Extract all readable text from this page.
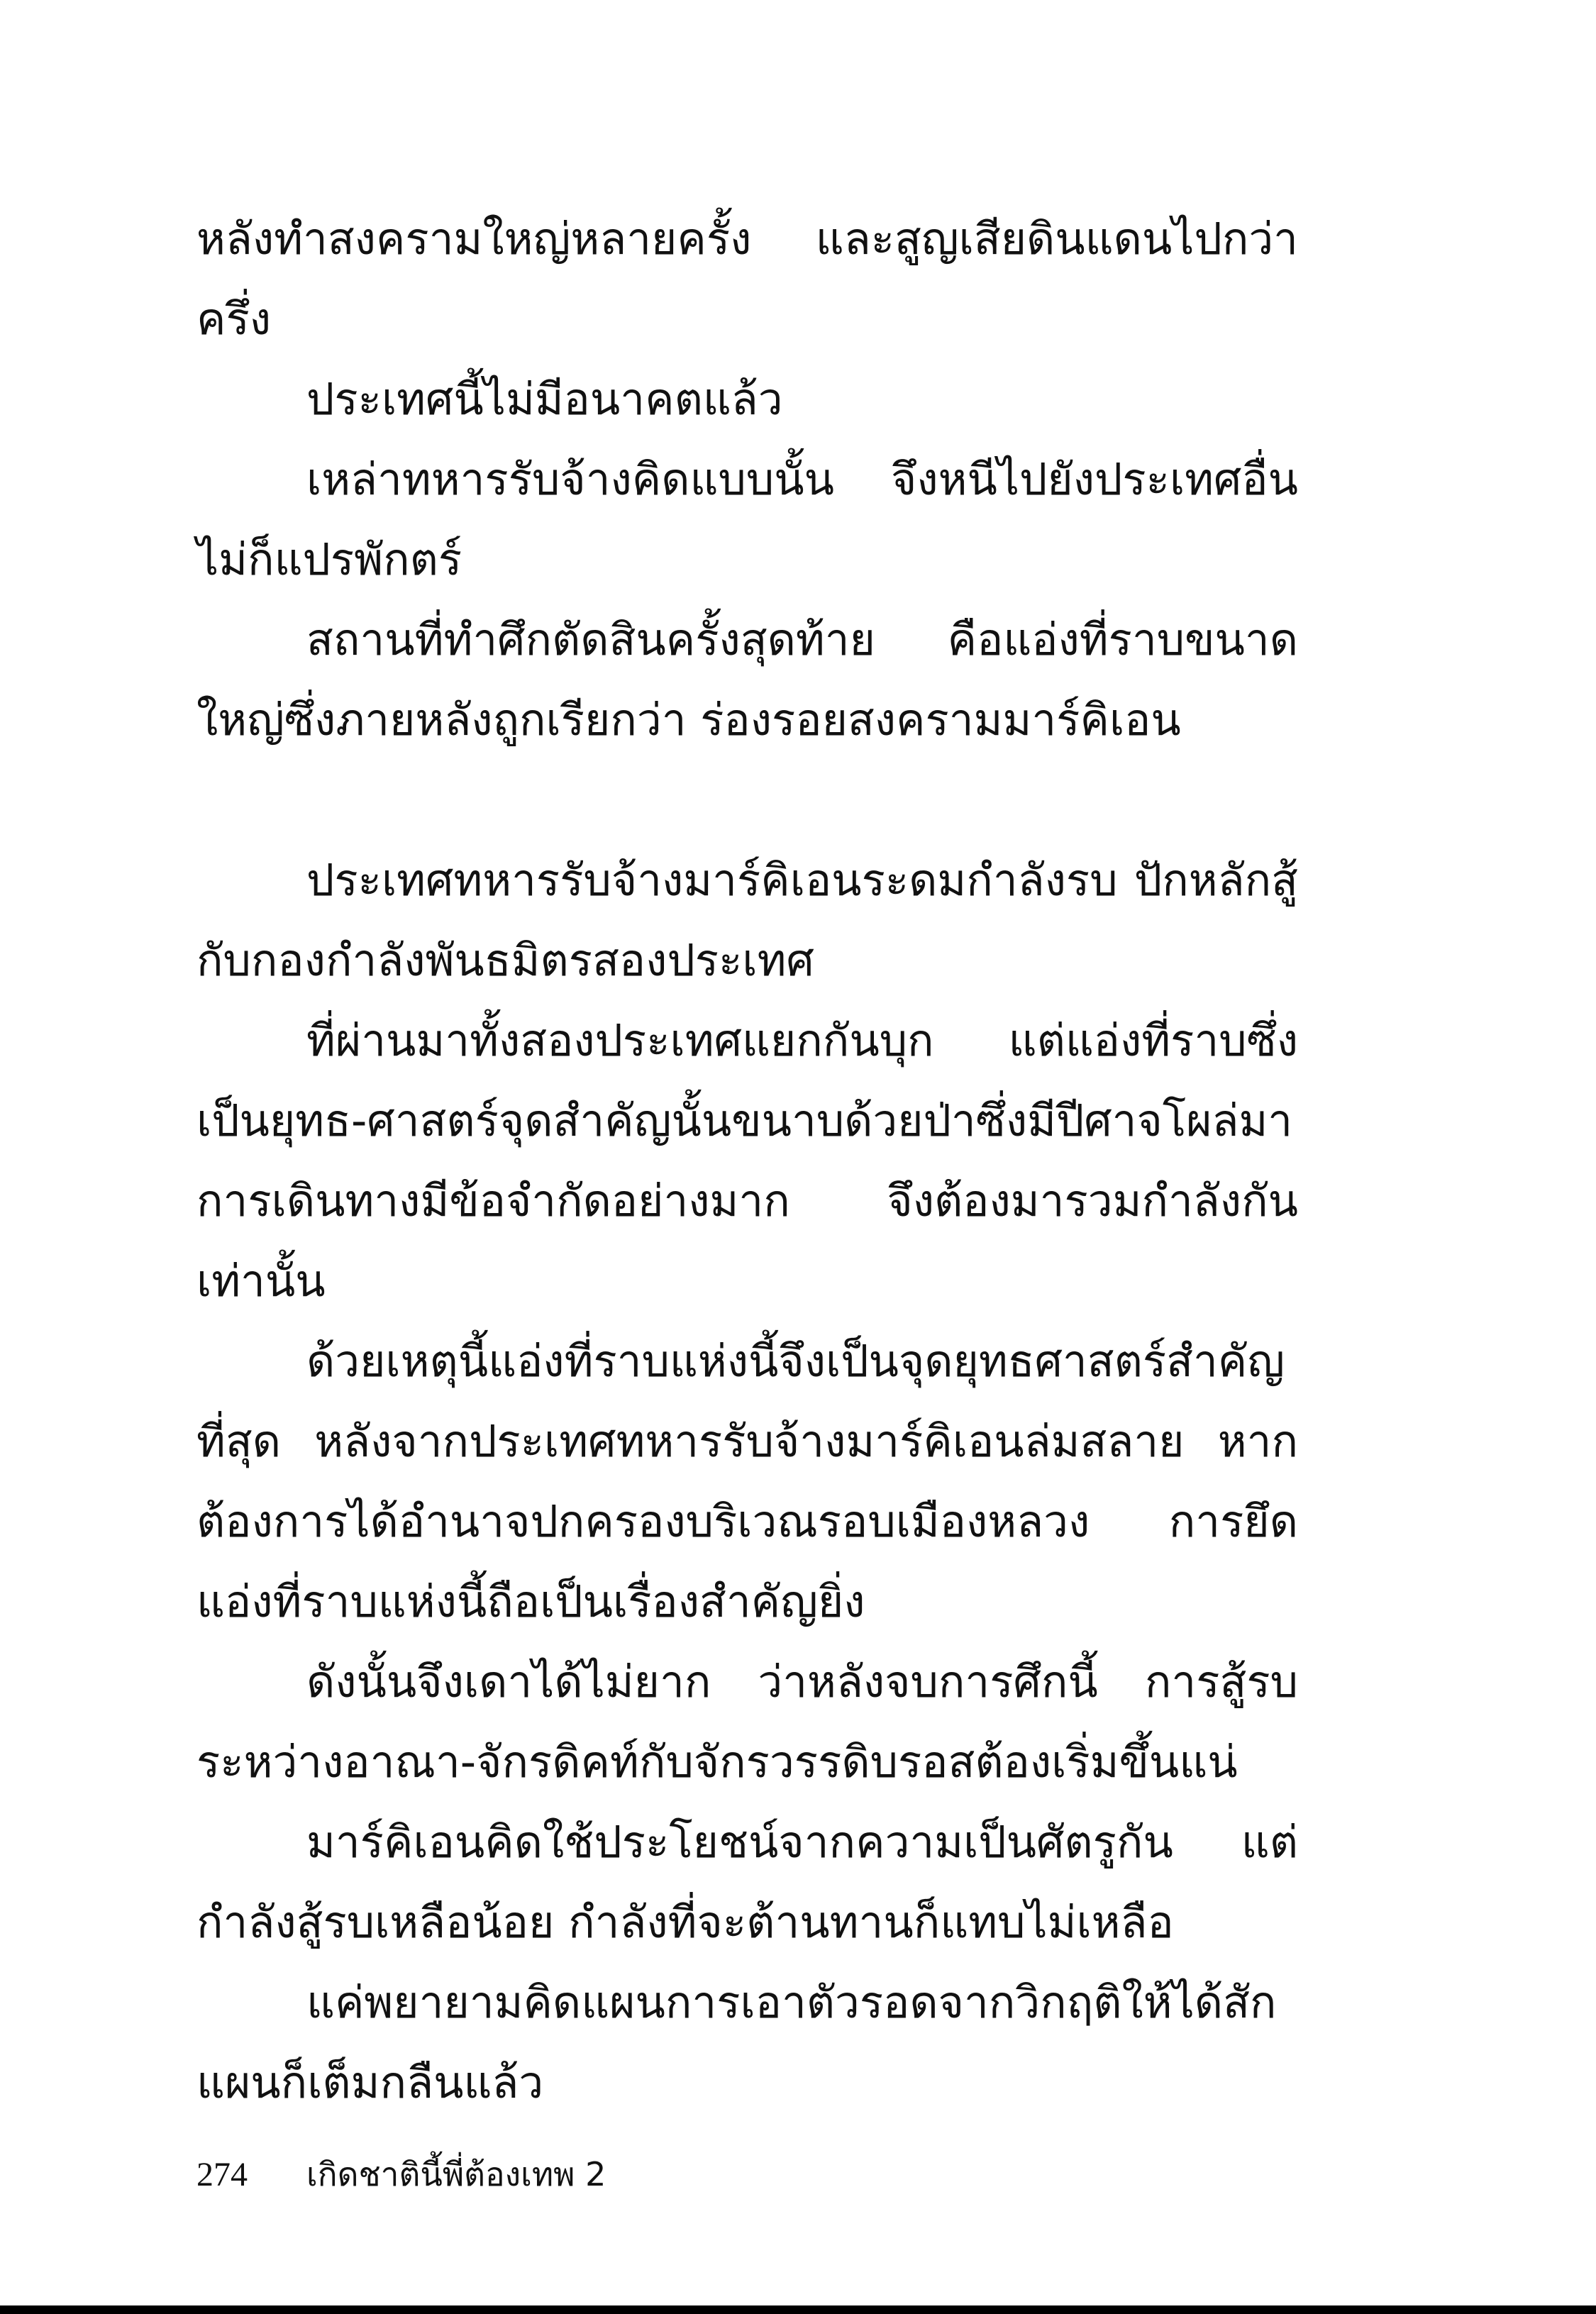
หลังทำสงครามใหญ่หลายครั้ง และสูญเสียดินแดนไปกว่าครึ่ง

ประเทศนี้ไม่มีอนาคตแล้ว

เหล่าทหารรับจ้างคิดแบบนั้น จึงหนีไปยังประเทศอื่น ไม่ก็แปรพักตร์

สถานที่ทำศึกตัดสินครั้งสุดท้าย คือแอ่งที่ราบขนาดใหญ่ซึ่งภายหลังถูกเรียกว่า ร่องรอยสงครามมาร์คิเอน

ประเทศทหารรับจ้างมาร์คิเอนระดมกำลังรบ ปักหลักสู้กับกองกำลังพันธมิตรสองประเทศ

ที่ผ่านมาทั้งสองประเทศแยกกันบุก แต่แอ่งที่ราบซึ่งเป็นยุทธ-ศาสตร์จุดสำคัญนั้นขนาบด้วยป่าซึ่งมีปีศาจโผล่มา การเดินทางมีข้อจำกัดอย่างมาก จึงต้องมารวมกำลังกันเท่านั้น

ด้วยเหตุนี้แอ่งที่ราบแห่งนี้จึงเป็นจุดยุทธศาสตร์สำคัญที่สุด หลังจากประเทศทหารรับจ้างมาร์คิเอนล่มสลาย หากต้องการได้อำนาจปกครองบริเวณรอบเมืองหลวง การยึดแอ่งที่ราบแห่งนี้ถือเป็นเรื่องสำคัญยิ่ง

ดังนั้นจึงเดาได้ไม่ยาก ว่าหลังจบการศึกนี้ การสู้รบระหว่างอาณา-จักรดิคท์กับจักรวรรดิบรอสต้องเริ่มขึ้นแน่

มาร์คิเอนคิดใช้ประโยชน์จากความเป็นศัตรูกัน แต่กำลังสู้รบเหลือน้อย กำลังที่จะต้านทานก็แทบไม่เหลือ

แค่พยายามคิดแผนการเอาตัวรอดจากวิกฤติให้ได้สักแผนก็เต็มกลืนแล้ว

274 เกิดชาตินี้พี่ต้องเทพ 2
